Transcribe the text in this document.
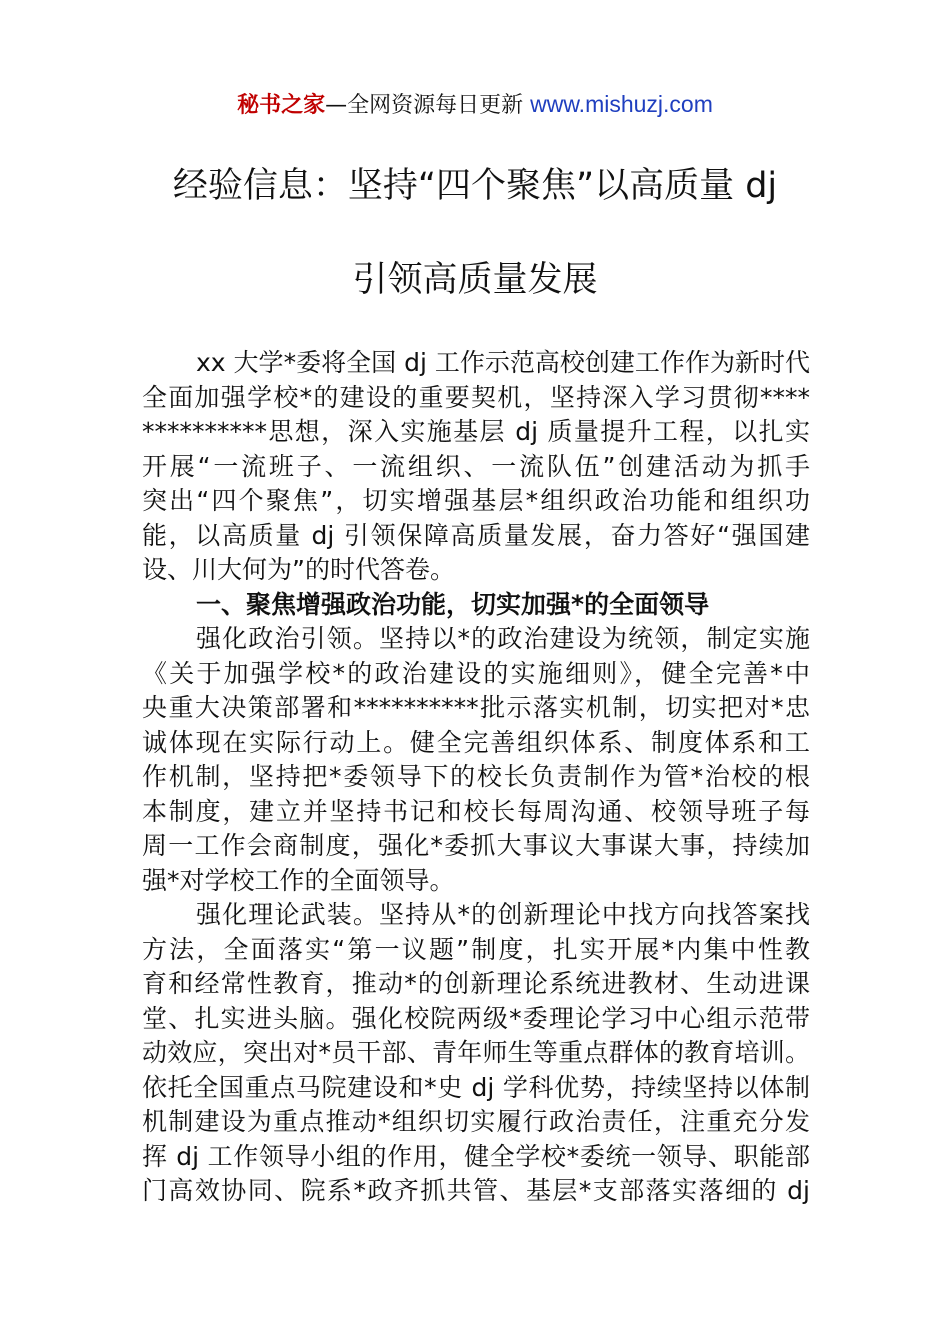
秘书之家—全网资源每日更新 www.mishuzj.com
经验信息：坚持“四个聚焦”以高质量 dj
引领高质量发展
xx 大学*委将全国 dj 工作示范高校创建工作作为新时代
全面加强学校*的建设的重要契机，坚持深入学习贯彻****
**********思想，深入实施基层 dj 质量提升工程，以扎实
开展“一流班子、一流组织、一流队伍”创建活动为抓手
突出“四个聚焦”，切实增强基层*组织政治功能和组织功
能，以高质量 dj 引领保障高质量发展，奋力答好“强国建
设、川大何为”的时代答卷。
一、聚焦增强政治功能，切实加强*的全面领导
强化政治引领。坚持以*的政治建设为统领，制定实施
《关于加强学校*的政治建设的实施细则》，健全完善*中
央重大决策部署和**********批示落实机制，切实把对*忠
诚体现在实际行动上。健全完善组织体系、制度体系和工
作机制，坚持把*委领导下的校长负责制作为管*治校的根
本制度，建立并坚持书记和校长每周沟通、校领导班子每
周一工作会商制度，强化*委抓大事议大事谋大事，持续加
强*对学校工作的全面领导。
强化理论武装。坚持从*的创新理论中找方向找答案找
方法，全面落实“第一议题”制度，扎实开展*内集中性教
育和经常性教育，推动*的创新理论系统进教材、生动进课
堂、扎实进头脑。强化校院两级*委理论学习中心组示范带
动效应，突出对*员干部、青年师生等重点群体的教育培训。
依托全国重点马院建设和*史 dj 学科优势，持续坚持以体制
机制建设为重点推动*组织切实履行政治责任，注重充分发
挥 dj 工作领导小组的作用，健全学校*委统一领导、职能部
门高效协同、院系*政齐抓共管、基层*支部落实落细的 dj
